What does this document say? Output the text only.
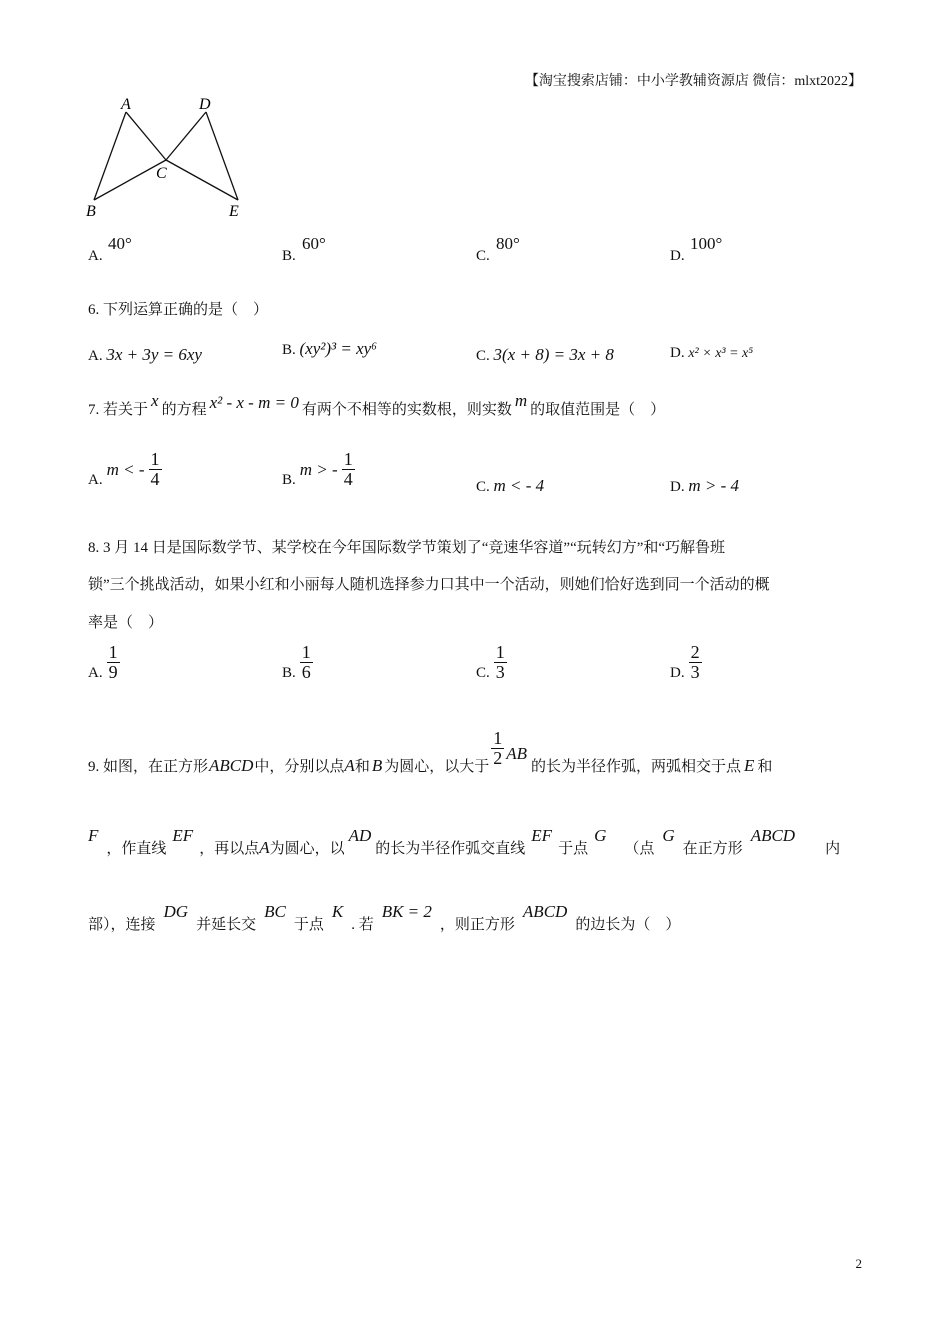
【淘宝搜索店铺：中小学教辅资源店 微信：mlxt2022】
A	D
C
B	E
A.
40°
B.
60°
C.
80°
D.
100°
6. 下列运算正确的是（　）
A. 3x + 3y = 6xy	B. (xy²)³ = xy⁶	C. 3(x + 8) = 3x + 8	D. x² × x³ = x⁵
7. 若关于 x 的方程 x² - x - m = 0 有两个不相等的实数根，则实数 m 的取值范围是（　）
A.
m < - $\frac{1}{4}$	B.
m > - $\frac{1}{4}$	C. m < - 4	D. m > - 4
8. 3 月 14 日是国际数学节、某学校在今年国际数学节策划了“竞速华容道”“玩转幻方”和“巧解鲁班
锁”三个挑战活动，如果小红和小丽每人随机选择参力口其中一个活动，则她们恰好选到同一个活动的概
率是（　）
A. $\frac{1}{9}$	B. $\frac{1}{6}$	C. $\frac{1}{3}$	D. $\frac{2}{3}$
9. 如图，在正方形 ABCD 中，分别以点 A 和 B 为圆心，以大于 $\frac{1}{2}$ AB
的长为半径作弧，两弧相交于点 E 和
F
，作直线
EF
，再以点 A 为圆心，以
AD
的长为半径作弧交直线
EF
于点
G
（点
G
在正方形
ABCD
内
部），连接
DG
并延长交
BC
于点
K
. 若
BK = 2
，则正方形
ABCD
的边长为（　）
2
